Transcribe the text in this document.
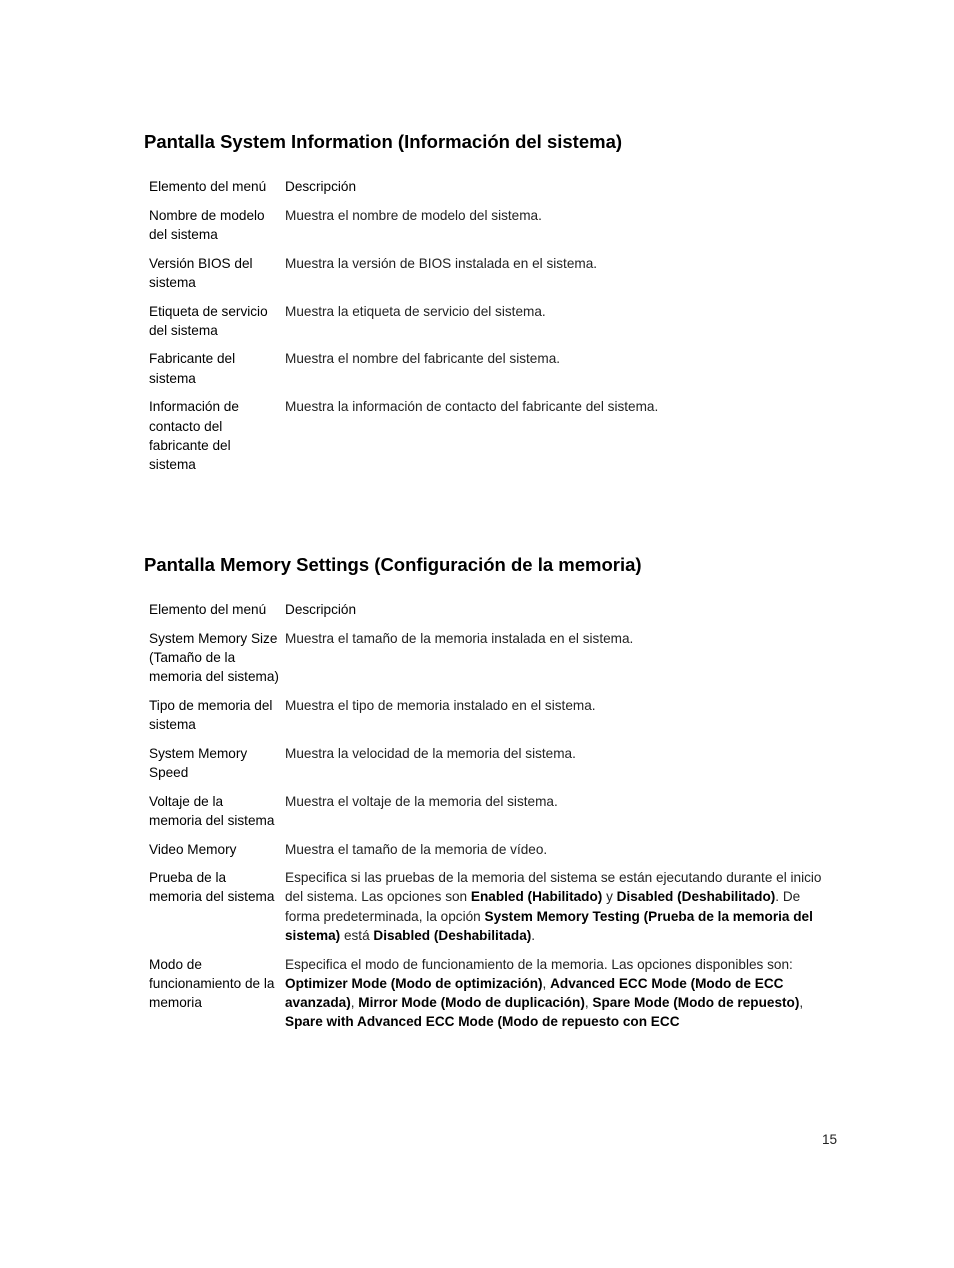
Pantalla System Information (Información del sistema)
Elemento del menú	Descripción
Nombre de modelo del sistema	Muestra el nombre de modelo del sistema.
Versión BIOS del sistema	Muestra la versión de BIOS instalada en el sistema.
Etiqueta de servicio del sistema	Muestra la etiqueta de servicio del sistema.
Fabricante del sistema	Muestra el nombre del fabricante del sistema.
Información de contacto del fabricante del sistema	Muestra la información de contacto del fabricante del sistema.
Pantalla Memory Settings (Configuración de la memoria)
Elemento del menú	Descripción
System Memory Size (Tamaño de la memoria del sistema)	Muestra el tamaño de la memoria instalada en el sistema.
Tipo de memoria del sistema	Muestra el tipo de memoria instalado en el sistema.
System Memory Speed	Muestra la velocidad de la memoria del sistema.
Voltaje de la memoria del sistema	Muestra el voltaje de la memoria del sistema.
Video Memory	Muestra el tamaño de la memoria de vídeo.
Prueba de la memoria del sistema	Especifica si las pruebas de la memoria del sistema se están ejecutando durante el inicio del sistema. Las opciones son Enabled (Habilitado) y Disabled (Deshabilitado). De forma predeterminada, la opción System Memory Testing (Prueba de la memoria del sistema) está Disabled (Deshabilitada).
Modo de funcionamiento de la memoria	Especifica el modo de funcionamiento de la memoria. Las opciones disponibles son: Optimizer Mode (Modo de optimización), Advanced ECC Mode (Modo de ECC avanzada), Mirror Mode (Modo de duplicación), Spare Mode (Modo de repuesto), Spare with Advanced ECC Mode (Modo de repuesto con ECC
15
